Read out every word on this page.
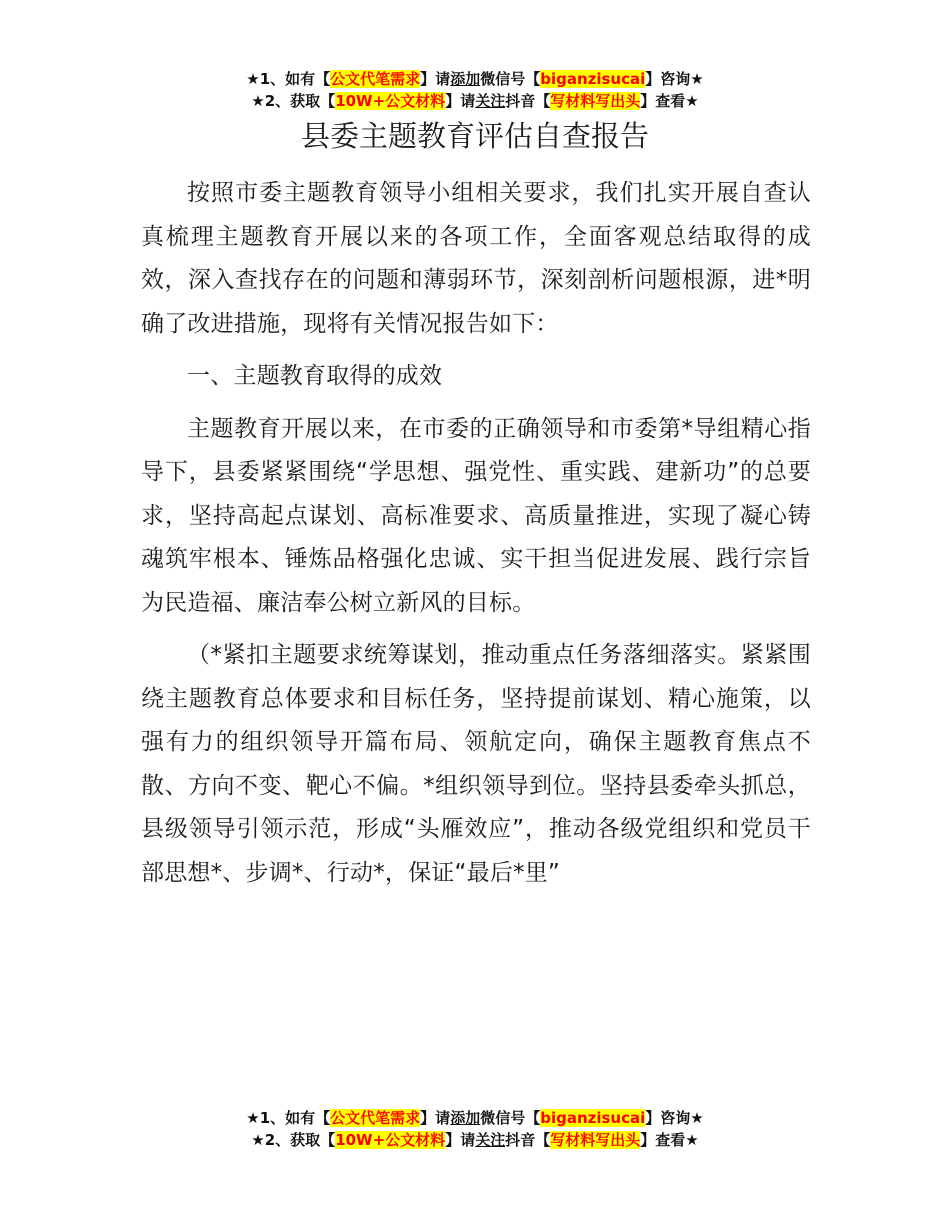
★1、如有【公文代笔需求】请添加微信号【biganzisucai】咨询★
★2、获取【10W+公文材料】请关注抖音【写材料写出头】查看★
县委主题教育评估自查报告

按照市委主题教育领导小组相关要求，我们扎实开展自查认真梳理主题教育开展以来的各项工作，全面客观总结取得的成效，深入查找存在的问题和薄弱环节，深刻剖析问题根源，进*明确了改进措施，现将有关情况报告如下：

一、主题教育取得的成效

主题教育开展以来，在市委的正确领导和市委第*导组精心指导下，县委紧紧围绕“学思想、强党性、重实践、建新功”的总要求，坚持高起点谋划、高标准要求、高质量推进，实现了凝心铸魂筑牢根本、锤炼品格强化忠诚、实干担当促进发展、践行宗旨为民造福、廉洁奉公树立新风的目标。

（*紧扣主题要求统筹谋划，推动重点任务落细落实。紧紧围绕主题教育总体要求和目标任务，坚持提前谋划、精心施策，以强有力的组织领导开篇布局、领航定向，确保主题教育焦点不散、方向不变、靶心不偏。*组织领导到位。坚持县委牵头抓总，县级领导引领示范，形成“头雁效应”，推动各级党组织和党员干部思想*、步调*、行动*，保证“最后*里”

★1、如有【公文代笔需求】请添加微信号【biganzisucai】咨询★
★2、获取【10W+公文材料】请关注抖音【写材料写出头】查看★
